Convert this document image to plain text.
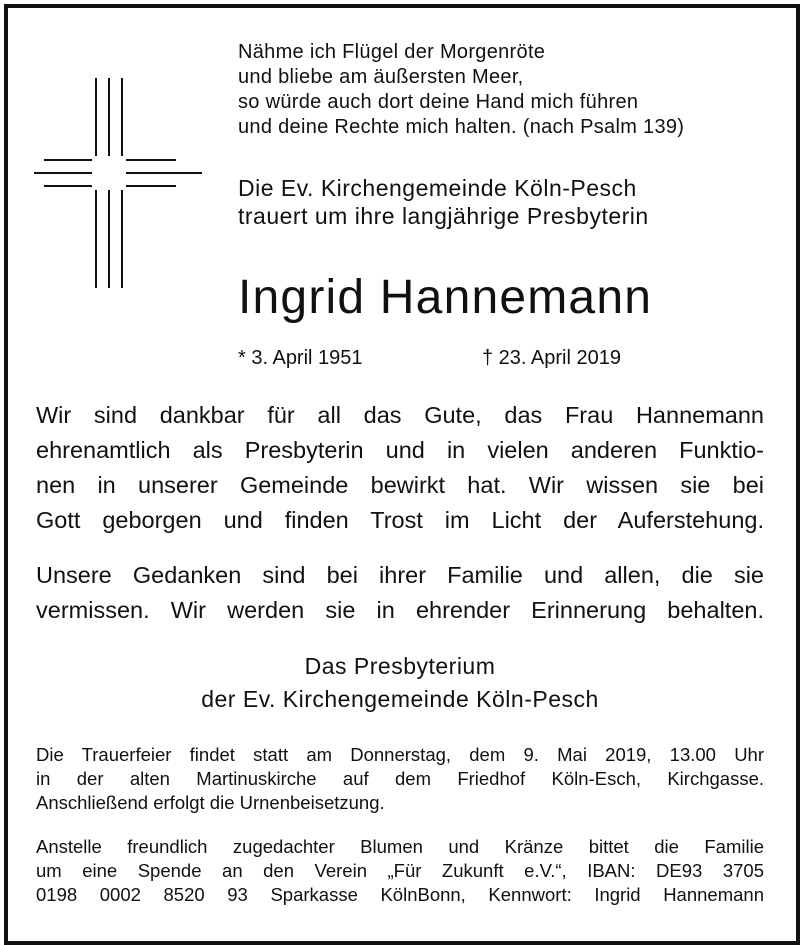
Nähme ich Flügel der Morgenröte
und bliebe am äußersten Meer,
so würde auch dort deine Hand mich führen
und deine Rechte mich halten. (nach Psalm 139)
Die Ev. Kirchengemeinde Köln-Pesch
trauert um ihre langjährige Presbyterin
Ingrid Hannemann
* 3. April 1951	† 23. April 2019
Wir sind dankbar für all das Gute, das Frau Hannemann
ehrenamtlich als Presbyterin und in vielen anderen Funktio-
nen in unserer Gemeinde bewirkt hat. Wir wissen sie bei
Gott geborgen und finden Trost im Licht der Auferstehung.
Unsere Gedanken sind bei ihrer Familie und allen, die sie
vermissen. Wir werden sie in ehrender Erinnerung behalten.
Das Presbyterium
der Ev. Kirchengemeinde Köln-Pesch
Die Trauerfeier findet statt am Donnerstag, dem 9. Mai 2019, 13.00 Uhr
in der alten Martinuskirche auf dem Friedhof Köln-Esch, Kirchgasse.
Anschließend erfolgt die Urnenbeisetzung.
Anstelle freundlich zugedachter Blumen und Kränze bittet die Familie
um eine Spende an den Verein „Für Zukunft e.V.“, IBAN: DE93 3705
0198 0002 8520 93 Sparkasse KölnBonn, Kennwort: Ingrid Hannemann
